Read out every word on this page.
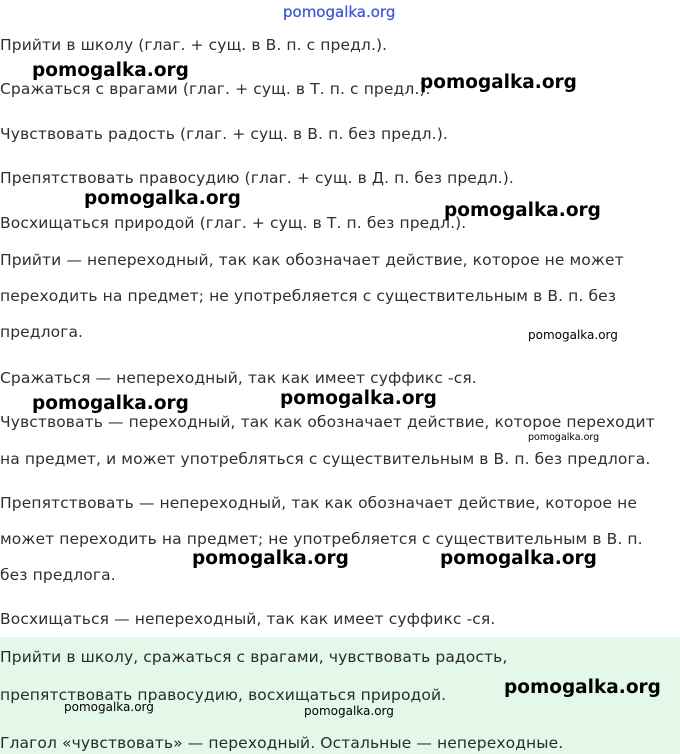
Прийти в школу (глаг. + сущ. в В. п. с предл.).
Сражаться с врагами (глаг. + сущ. в Т. п. с предл.).
Чувствовать радость (глаг. + сущ. в В. п. без предл.).
Препятствовать правосудию (глаг. + сущ. в Д. п. без предл.).
Восхищаться природой (глаг. + сущ. в Т. п. без предл.).
Прийти — непереходный, так как обозначает действие, которое не может
переходить на предмет; не употребляется с существительным в В. п. без
предлога.
Сражаться — непереходный, так как имеет суффикс -ся.
Чувствовать — переходный, так как обозначает действие, которое переходит
на предмет, и может употребляться с существительным в В. п. без предлога.
Препятствовать — непереходный, так как обозначает действие, которое не
может переходить на предмет; не употребляется с существительным в В. п.
без предлога.
Восхищаться — непереходный, так как имеет суффикс -ся.
Прийти в школу, сражаться с врагами, чувствовать радость,
препятствовать правосудию, восхищаться природой.
Глагол «чувствовать» — переходный. Остальные — непереходные.
pomogalka.org
pomogalka.org
pomogalka.org
pomogalka.org
pomogalka.org
pomogalka.org
pomogalka.org	pomogalka.org
pomogalka.org
pomogalka.org	pomogalka.org
pomogalka.org
pomogalka.org	pomogalka.org
